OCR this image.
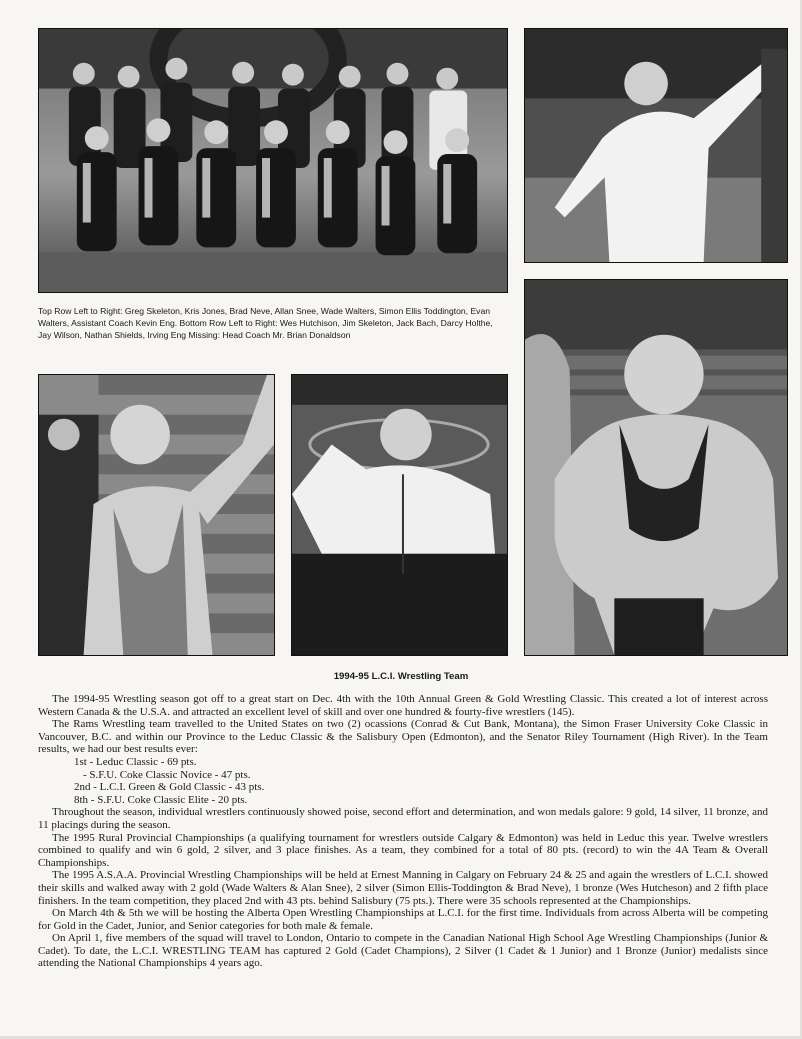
Top Row Left to Right: Greg Skeleton, Kris Jones, Brad Neve, Allan Snee, Wade Walters, Simon Ellis Toddington, Evan Walters, Assistant Coach Kevin Eng. Bottom Row Left to Right: Wes Hutchison, Jim Skeleton, Jack Bach, Darcy Holthe, Jay Wilson, Nathan Shields, Irving Eng Missing: Head Coach Mr. Brian Donaldson

1994-95 L.C.I. Wrestling Team

The 1994-95 Wrestling season got off to a great start on Dec. 4th with the 10th Annual Green & Gold Wrestling Classic. This created a lot of interest across Western Canada & the U.S.A. and attracted an excellent level of skill and over one hundred & fourty-five wrestlers (145).

The Rams Wrestling team travelled to the United States on two (2) ocassions (Conrad & Cut Bank, Montana), the Simon Fraser University Coke Classic in Vancouver, B.C. and within our Province to the Leduc Classic & the Salisbury Open (Edmonton), and the Senator Riley Tournament (High River). In the Team results, we had our best results ever:

1st - Leduc Classic - 69 pts.

- S.F.U. Coke Classic Novice - 47 pts.

2nd - L.C.I. Green & Gold Classic - 43 pts.

8th - S.F.U. Coke Classic Elite - 20 pts.

Throughout the season, individual wrestlers continuously showed poise, second effort and determination, and won medals galore: 9 gold, 14 silver, 11 bronze, and 11 placings during the season.

The 1995 Rural Provincial Championships (a qualifying tournament for wrestlers outside Calgary & Edmonton) was held in Leduc this year. Twelve wrestlers combined to qualify and win 6 gold, 2 silver, and 3 place finishes. As a team, they combined for a total of 80 pts. (record) to win the 4A Team & Overall Championships.

The 1995 A.S.A.A. Provincial Wrestling Championships will be held at Ernest Manning in Calgary on February 24 & 25 and again the wrestlers of L.C.I. showed their skills and walked away with 2 gold (Wade Walters & Alan Snee), 2 silver (Simon Ellis-Toddington & Brad Neve), 1 bronze (Wes Hutcheson) and 2 fifth place finishers. In the team competition, they placed 2nd with 43 pts. behind Salisbury (75 pts.). There were 35 schools represented at the Championships.

On March 4th & 5th we will be hosting the Alberta Open Wrestling Championships at L.C.I. for the first time. Individuals from across Alberta will be competing for Gold in the Cadet, Junior, and Senior categories for both male & female.

On April 1, five members of the squad will travel to London, Ontario to compete in the Canadian National High School Age Wrestling Championships (Junior & Cadet). To date, the L.C.I. WRESTLING TEAM has captured 2 Gold (Cadet Champions), 2 Silver (1 Cadet & 1 Junior) and 1 Bronze (Junior) medalists since attending the National Championships 4 years ago.
